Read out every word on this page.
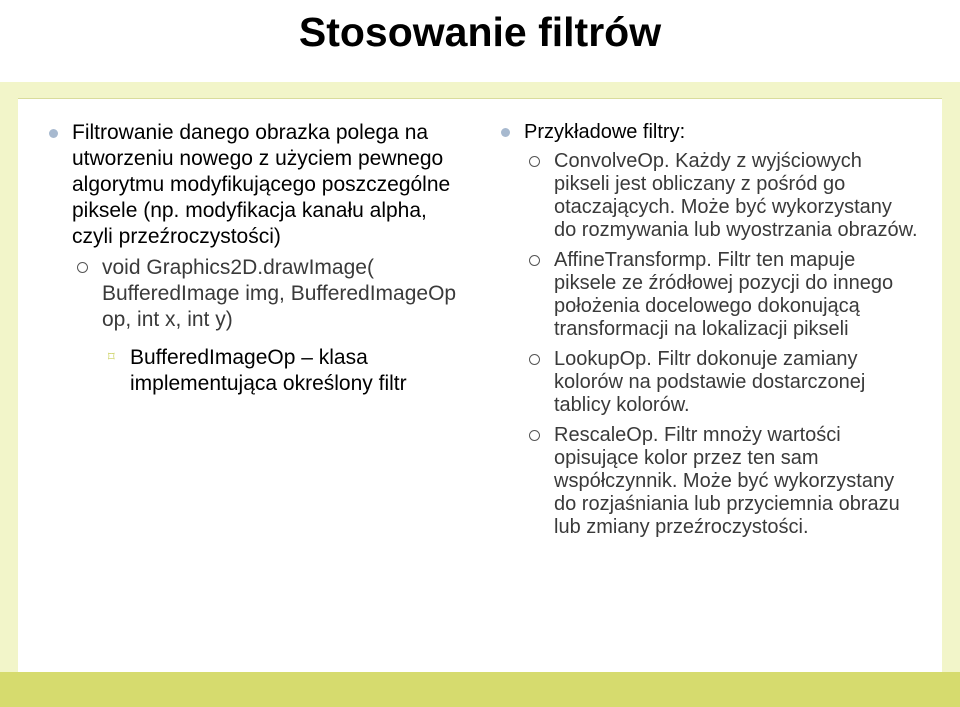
Stosowanie filtrów
Filtrowanie danego obrazka polega na utworzeniu nowego z użyciem pewnego algorytmu modyfikującego poszczególne piksele (np. modyfikacja kanału alpha, czyli przeźroczystości)
void Graphics2D.drawImage( BufferedImage img, BufferedImageOp op, int x, int y)
⌑ BufferedImageOp – klasa implementująca określony filtr
Przykładowe filtry:
ConvolveOp. Każdy z wyjściowych pikseli jest obliczany z pośród go otaczających. Może być wykorzystany do rozmywania lub wyostrzania obrazów.
AffineTransformp. Filtr ten mapuje piksele ze źródłowej pozycji do innego położenia docelowego dokonującą transformacji na lokalizacji pikseli
LookupOp. Filtr dokonuje zamiany kolorów na podstawie dostarczonej tablicy kolorów.
RescaleOp. Filtr mnoży wartości opisujące kolor przez ten sam współczynnik. Może być wykorzystany do rozjaśniania lub przyciemnia obrazu lub zmiany przeźroczystości.
